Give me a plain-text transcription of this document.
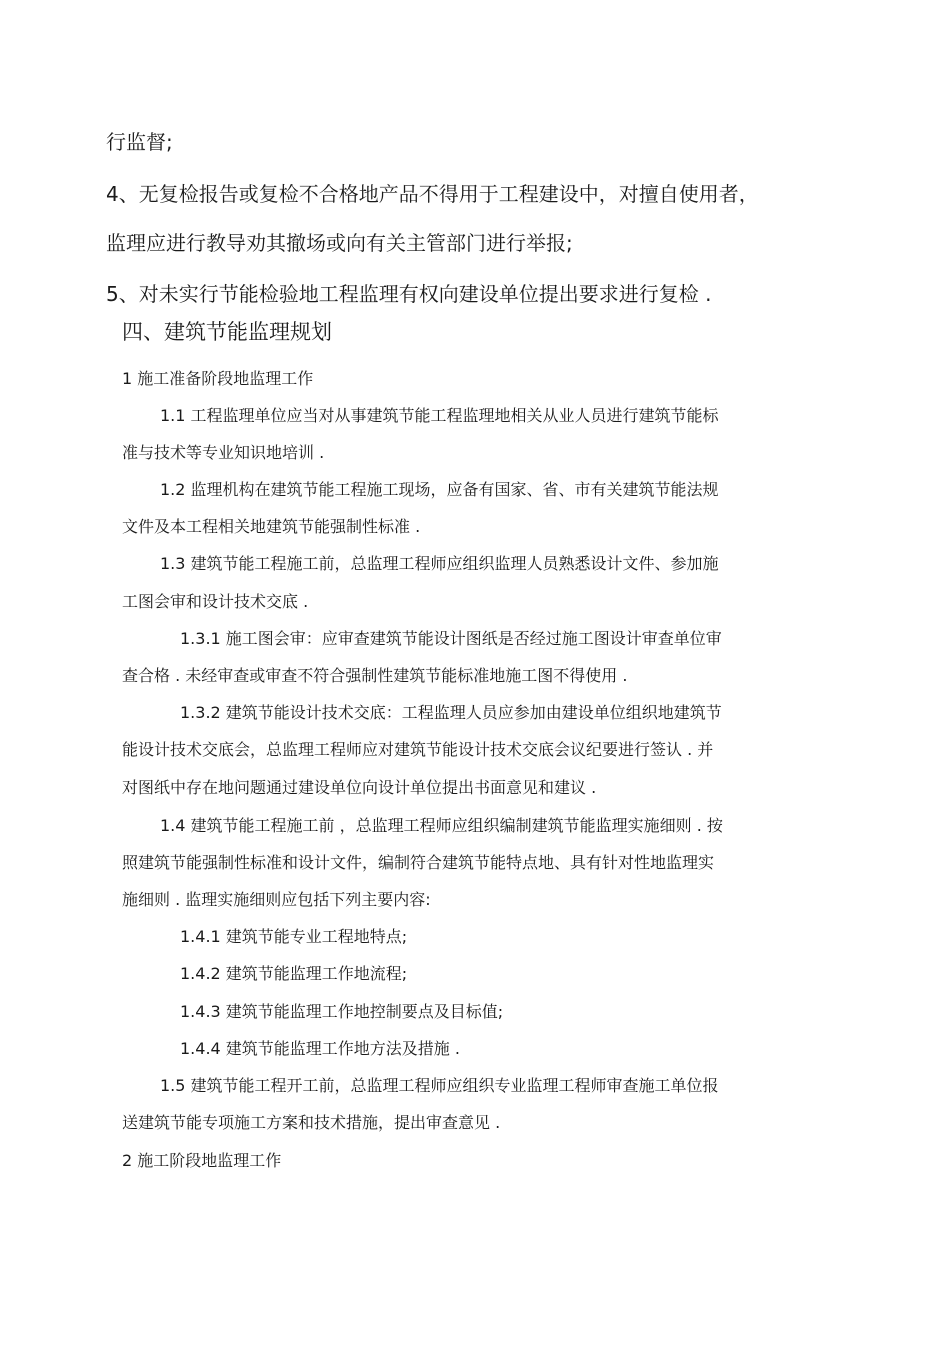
行监督;
4、无复检报告或复检不合格地产品不得用于工程建设中，对擅自使用者，
监理应进行教导劝其撤场或向有关主管部门进行举报;
5、对未实行节能检验地工程监理有权向建设单位提出要求进行复检 .
四、建筑节能监理规划
1 施工准备阶段地监理工作
1.1 工程监理单位应当对从事建筑节能工程监理地相关从业人员进行建筑节能标
准与技术等专业知识地培训 .
1.2 监理机构在建筑节能工程施工现场，应备有国家、省、市有关建筑节能法规
文件及本工程相关地建筑节能强制性标准 .
1.3 建筑节能工程施工前，总监理工程师应组织监理人员熟悉设计文件、参加施
工图会审和设计技术交底 .
1.3.1 施工图会审：应审查建筑节能设计图纸是否经过施工图设计审查单位审
查合格 . 未经审查或审查不符合强制性建筑节能标准地施工图不得使用 .
1.3.2 建筑节能设计技术交底：工程监理人员应参加由建设单位组织地建筑节
能设计技术交底会，总监理工程师应对建筑节能设计技术交底会议纪要进行签认 . 并
对图纸中存在地问题通过建设单位向设计单位提出书面意见和建议 .
1.4 建筑节能工程施工前 ，总监理工程师应组织编制建筑节能监理实施细则 . 按
照建筑节能强制性标准和设计文件，编制符合建筑节能特点地、具有针对性地监理实
施细则 . 监理实施细则应包括下列主要内容:
1.4.1 建筑节能专业工程地特点;
1.4.2 建筑节能监理工作地流程;
1.4.3 建筑节能监理工作地控制要点及目标值;
1.4.4 建筑节能监理工作地方法及措施 .
1.5 建筑节能工程开工前，总监理工程师应组织专业监理工程师审查施工单位报
送建筑节能专项施工方案和技术措施，提出审查意见 .
2 施工阶段地监理工作
